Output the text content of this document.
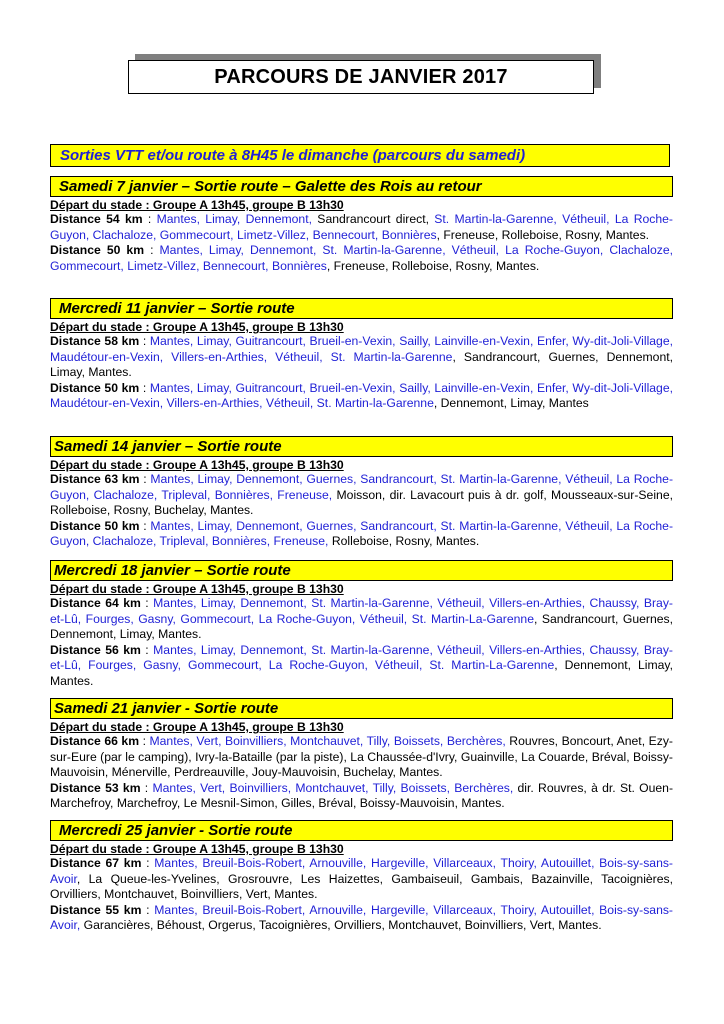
PARCOURS DE JANVIER 2017
Sorties VTT et/ou route à 8H45 le dimanche (parcours du samedi)
Samedi 7 janvier – Sortie route – Galette des Rois au retour
Départ du stade : Groupe A 13h45, groupe B 13h30
Distance 54 km : Mantes, Limay, Dennemont, Sandrancourt direct, St. Martin-la-Garenne, Vétheuil, La Roche-Guyon, Clachaloze, Gommecourt, Limetz-Villez, Bennecourt, Bonnières, Freneuse, Rolleboise, Rosny, Mantes.
Distance 50 km : Mantes, Limay, Dennemont, St. Martin-la-Garenne, Vétheuil, La Roche-Guyon, Clachaloze, Gommecourt, Limetz-Villez, Bennecourt, Bonnières, Freneuse, Rolleboise, Rosny, Mantes.
Mercredi 11 janvier – Sortie route
Départ du stade : Groupe A 13h45, groupe B 13h30
Distance 58 km : Mantes, Limay, Guitrancourt, Brueil-en-Vexin, Sailly, Lainville-en-Vexin, Enfer, Wy-dit-Joli-Village, Maudétour-en-Vexin, Villers-en-Arthies, Vétheuil, St. Martin-la-Garenne, Sandrancourt, Guernes, Dennemont, Limay, Mantes.
Distance 50 km : Mantes, Limay, Guitrancourt, Brueil-en-Vexin, Sailly, Lainville-en-Vexin, Enfer, Wy-dit-Joli-Village, Maudétour-en-Vexin, Villers-en-Arthies, Vétheuil, St. Martin-la-Garenne, Dennemont, Limay, Mantes
Samedi 14 janvier – Sortie route
Départ du stade : Groupe A 13h45, groupe B 13h30
Distance 63 km : Mantes, Limay, Dennemont, Guernes, Sandrancourt, St. Martin-la-Garenne, Vétheuil, La Roche-Guyon, Clachaloze, Tripleval, Bonnières, Freneuse, Moisson, dir. Lavacourt puis à dr. golf, Mousseaux-sur-Seine, Rolleboise, Rosny, Buchelay, Mantes.
Distance 50 km : Mantes, Limay, Dennemont, Guernes, Sandrancourt, St. Martin-la-Garenne, Vétheuil, La Roche-Guyon, Clachaloze, Tripleval, Bonnières, Freneuse, Rolleboise, Rosny, Mantes.
Mercredi 18 janvier – Sortie route
Départ du stade : Groupe A 13h45, groupe B 13h30
Distance 64 km : Mantes, Limay, Dennemont, St. Martin-la-Garenne, Vétheuil, Villers-en-Arthies, Chaussy, Bray-et-Lû, Fourges, Gasny, Gommecourt, La Roche-Guyon, Vétheuil, St. Martin-La-Garenne, Sandrancourt, Guernes, Dennemont, Limay, Mantes.
Distance 56 km : Mantes, Limay, Dennemont, St. Martin-la-Garenne, Vétheuil, Villers-en-Arthies, Chaussy, Bray-et-Lû, Fourges, Gasny, Gommecourt, La Roche-Guyon, Vétheuil, St. Martin-La-Garenne, Dennemont, Limay, Mantes.
Samedi 21 janvier - Sortie route
Départ du stade : Groupe A 13h45, groupe B 13h30
Distance 66 km : Mantes, Vert, Boinvilliers, Montchauvet, Tilly, Boissets, Berchères, Rouvres, Boncourt, Anet, Ezy-sur-Eure (par le camping), Ivry-la-Bataille (par la piste), La Chaussée-d'Ivry, Guainville, La Couarde, Bréval, Boissy-Mauvoisin, Ménerville, Perdreauville, Jouy-Mauvoisin, Buchelay, Mantes.
Distance 53 km : Mantes, Vert, Boinvilliers, Montchauvet, Tilly, Boissets, Berchères, dir. Rouvres, à dr. St. Ouen-Marchefroy, Marchefroy, Le Mesnil-Simon, Gilles, Bréval, Boissy-Mauvoisin, Mantes.
Mercredi 25 janvier - Sortie route
Départ du stade : Groupe A 13h45, groupe B 13h30
Distance 67 km : Mantes, Breuil-Bois-Robert, Arnouville, Hargeville, Villarceaux, Thoiry, Autouillet, Bois-sy-sans-Avoir, La Queue-les-Yvelines, Grosrouvre, Les Haizettes, Gambaiseuil, Gambais, Bazainville, Tacoignières, Orvilliers, Montchauvet, Boinvilliers, Vert, Mantes.
Distance 55 km : Mantes, Breuil-Bois-Robert, Arnouville, Hargeville, Villarceaux, Thoiry, Autouillet, Bois-sy-sans-Avoir, Garancières, Béhoust, Orgerus, Tacoignières, Orvilliers, Montchauvet, Boinvilliers, Vert, Mantes.
